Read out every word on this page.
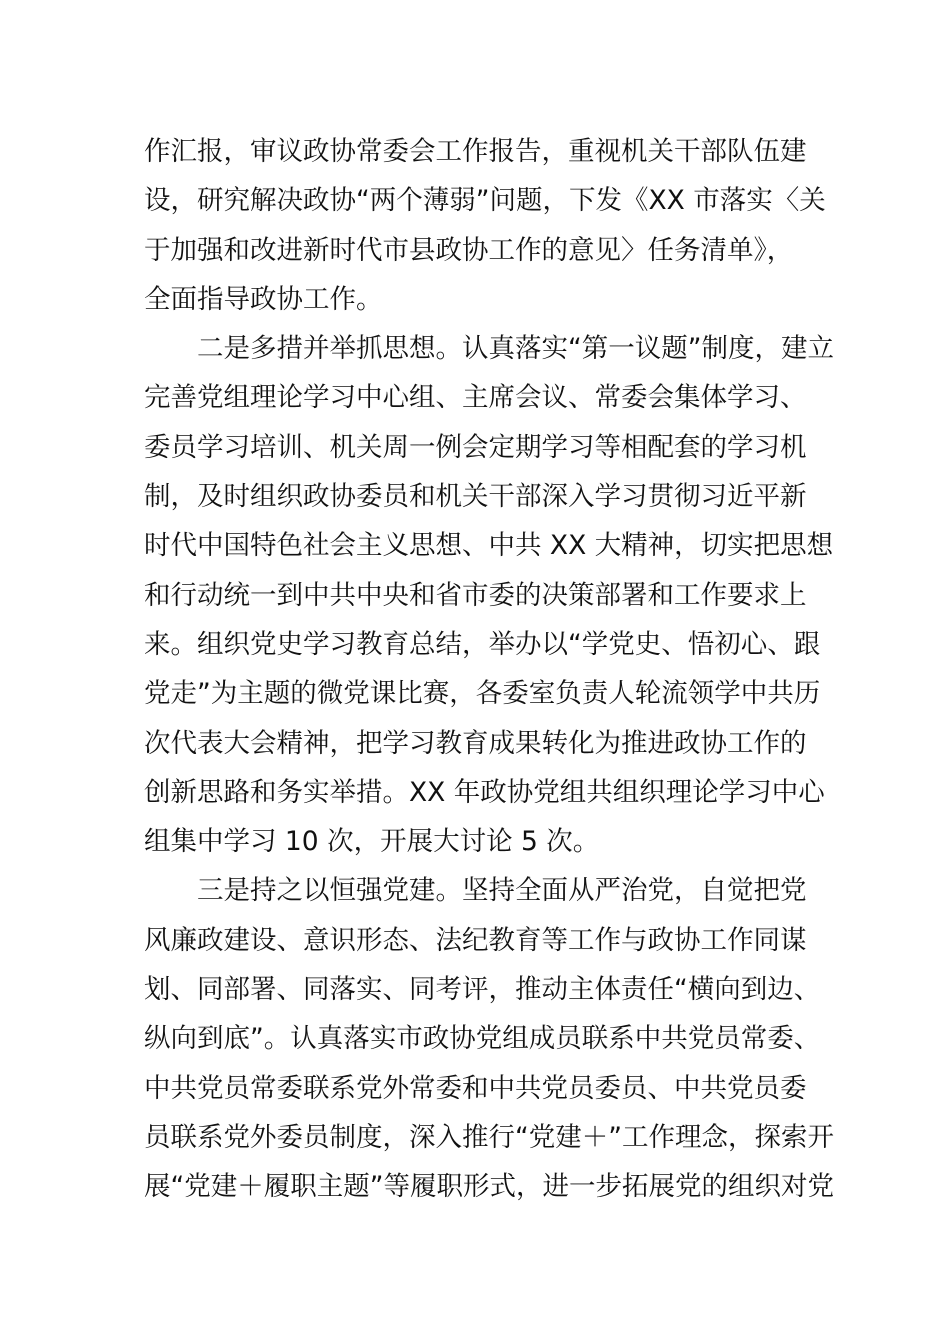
作汇报，审议政协常委会工作报告，重视机关干部队伍建
设，研究解决政协“两个薄弱”问题，下发《XX 市落实〈关
于加强和改进新时代市县政协工作的意见〉任务清单》，
全面指导政协工作。
二是多措并举抓思想。认真落实“第一议题”制度，建立
完善党组理论学习中心组、主席会议、常委会集体学习、
委员学习培训、机关周一例会定期学习等相配套的学习机
制，及时组织政协委员和机关干部深入学习贯彻习近平新
时代中国特色社会主义思想、中共 XX 大精神，切实把思想
和行动统一到中共中央和省市委的决策部署和工作要求上
来。组织党史学习教育总结，举办以“学党史、悟初心、跟
党走”为主题的微党课比赛，各委室负责人轮流领学中共历
次代表大会精神，把学习教育成果转化为推进政协工作的
创新思路和务实举措。XX 年政协党组共组织理论学习中心
组集中学习 10 次，开展大讨论 5 次。
三是持之以恒强党建。坚持全面从严治党，自觉把党
风廉政建设、意识形态、法纪教育等工作与政协工作同谋
划、同部署、同落实、同考评，推动主体责任“横向到边、
纵向到底”。认真落实市政协党组成员联系中共党员常委、
中共党员常委联系党外常委和中共党员委员、中共党员委
员联系党外委员制度，深入推行“党建＋”工作理念，探索开
展“党建＋履职主题”等履职形式，进一步拓展党的组织对党
